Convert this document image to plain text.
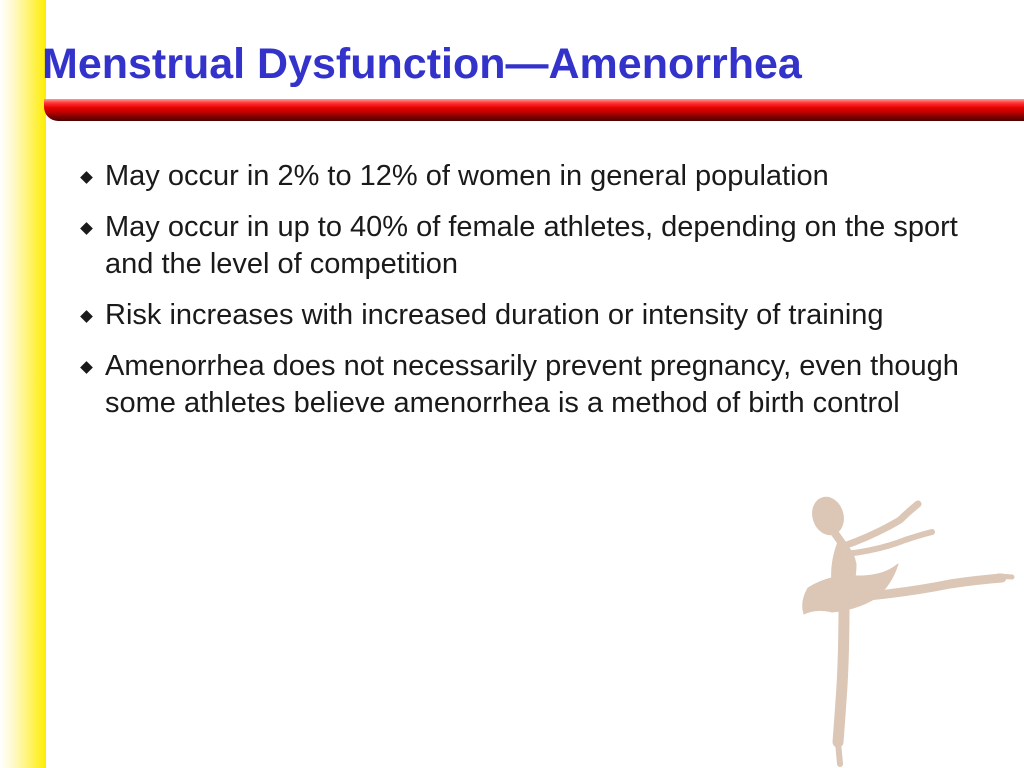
Menstrual Dysfunction—Amenorrhea
May occur in 2% to 12% of women in general population
May occur in up to 40% of female athletes, depending on the sport and the level of competition
Risk increases with increased duration or intensity of training
Amenorrhea does not necessarily prevent pregnancy, even though some athletes believe amenorrhea is a method of birth control
